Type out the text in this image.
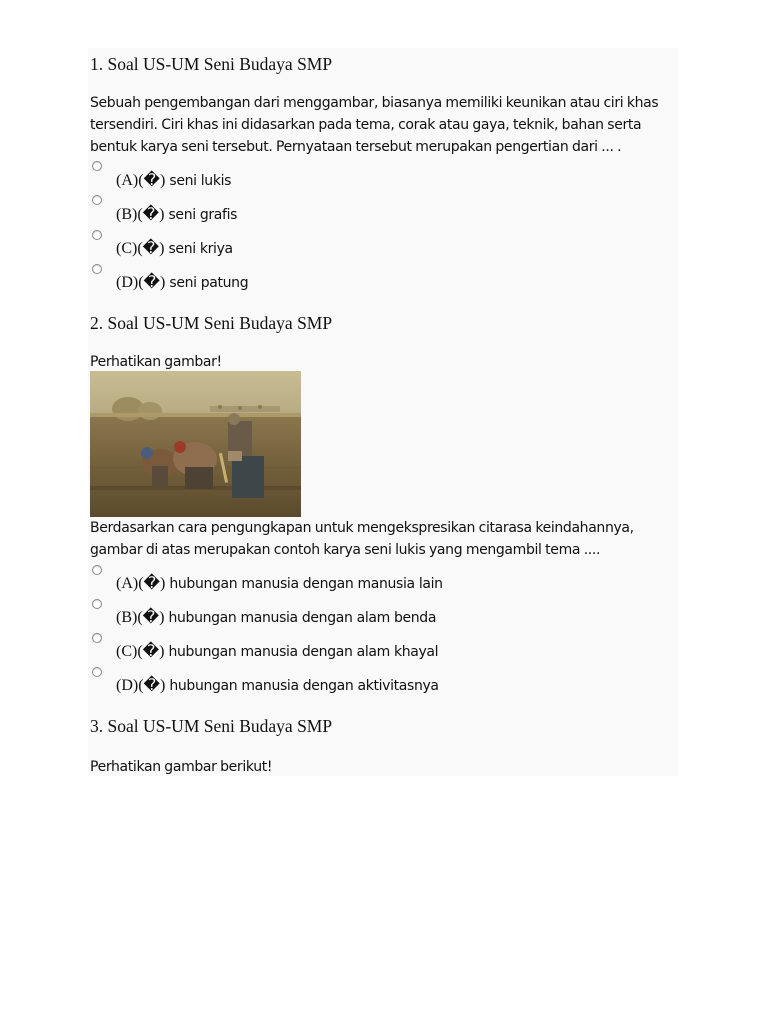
1. Soal US-UM Seni Budaya SMP
Sebuah pengembangan dari menggambar, biasanya memiliki keunikan atau ciri khas
tersendiri. Ciri khas ini didasarkan pada tema, corak atau gaya, teknik, bahan serta
bentuk karya seni tersebut. Pernyataan tersebut merupakan pengertian dari ... .
(A)(�) seni lukis
(B)(�) seni grafis
(C)(�) seni kriya
(D)(�) seni patung
2. Soal US-UM Seni Budaya SMP
Perhatikan gambar!
Berdasarkan cara pengungkapan untuk mengekspresikan citarasa keindahannya,
gambar di atas merupakan contoh karya seni lukis yang mengambil tema ....
(A)(�) hubungan manusia dengan manusia lain
(B)(�) hubungan manusia dengan alam benda
(C)(�) hubungan manusia dengan alam khayal
(D)(�) hubungan manusia dengan aktivitasnya
3. Soal US-UM Seni Budaya SMP
Perhatikan gambar berikut!
